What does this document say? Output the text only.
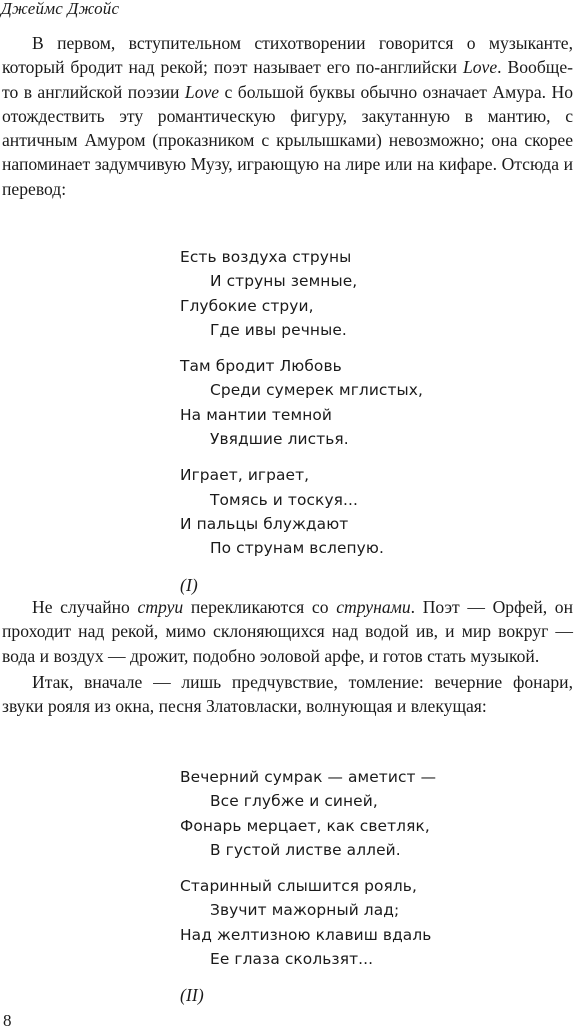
Джеймс Джойс

В первом, вступительном стихотворении говорится о музыканте, который бродит над рекой; поэт называет его по-английски Love. Вообще-то в английской поэзии Love с большой буквы обычно означает Амура. Но отождествить эту романтическую фигуру, закутанную в мантию, с античным Амуром (проказником с крылышками) невозможно; она скорее напоминает задумчивую Музу, играющую на лире или на кифаре. Отсюда и перевод:

Есть воздуха струны
И струны земные,
Глубокие струи,
Где ивы речные.
Там бродит Любовь
Среди сумерек мглистых,
На мантии темной
Увядшие листья.
Играет, играет,
Томясь и тоскуя...
И пальцы блуждают
По струнам вслепую.
(I)

Не случайно струи перекликаются со струнами. Поэт — Орфей, он проходит над рекой, мимо склоняющихся над водой ив, и мир вокруг — вода и воздух — дрожит, подобно эоловой арфе, и готов стать музыкой.

Итак, вначале — лишь предчувствие, томление: вечерние фонари, звуки рояля из окна, песня Златовласки, волнующая и влекущая:

Вечерний сумрак — аметист —
Все глубже и синей,
Фонарь мерцает, как светляк,
В густой листве аллей.
Старинный слышится рояль,
Звучит мажорный лад;
Над желтизною клавиш вдаль
Ее глаза скользят...
(II)
8
